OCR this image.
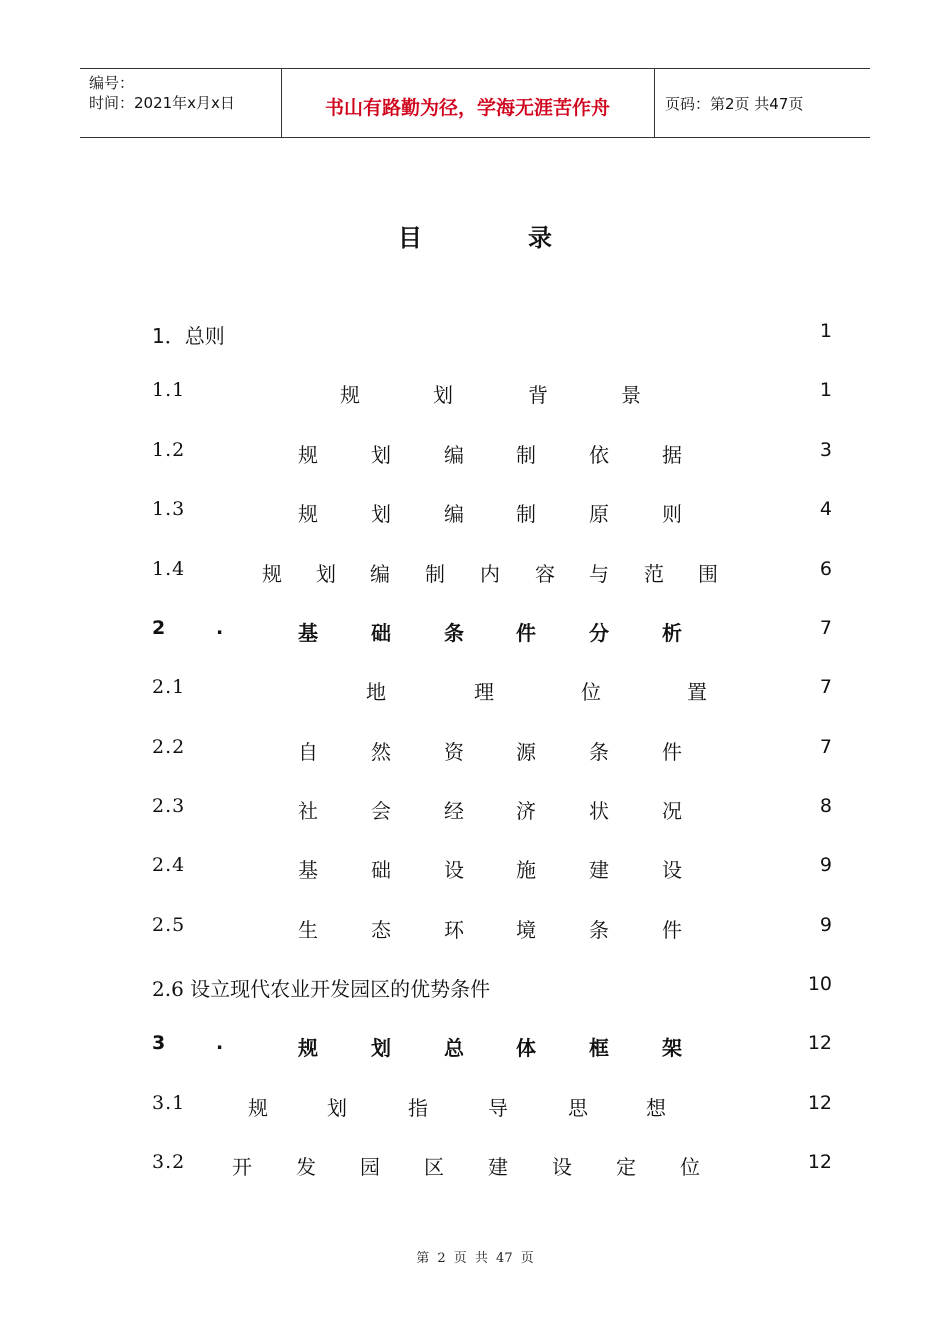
编号：
时间：2021年x月x日	书山有路勤为径，学海无涯苦作舟	页码：第2页 共47页
目	录
1．总则	1
1.1	规	划	背	景	1
1.2	规	划	编	制	依	据	3
1.3	规	划	编	制	原	则	4
1.4	规 划 编 制 内 容 与 范 围	6
2	.	基	础	条	件	分	析	7
2.1	地	理	位	置	7
2.2	自	然	资	源	条	件	7
2.3	社	会	经	济	状	况	8
2.4	基	础	设	施	建	设	9
2.5	生	态	环	境	条	件	9
2.6 设立现代农业开发园区的优势条件	10
3	.	规	划	总	体	框	架	12
3.1	规	划	指	导	思	想	12
3.2 开 发 园 区 建 设 定 位	12
第 2 页 共 47 页
